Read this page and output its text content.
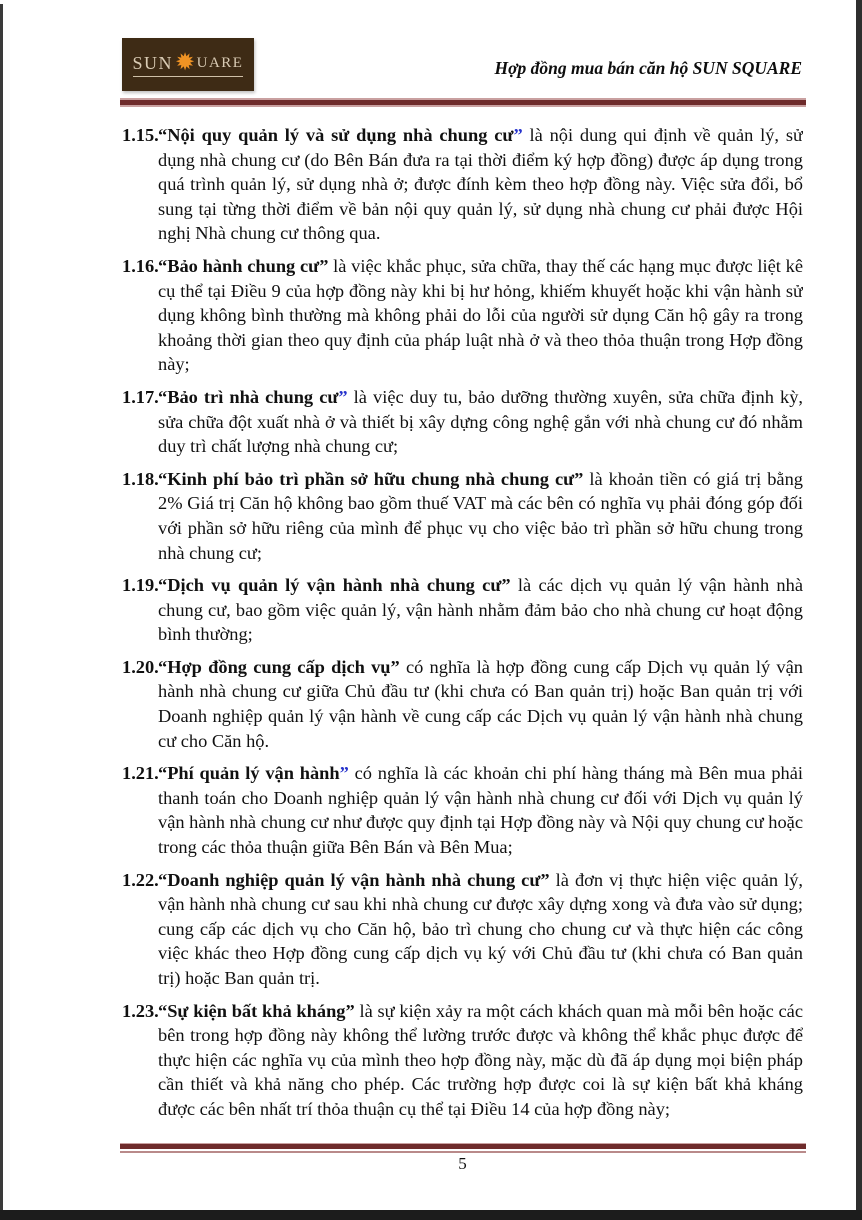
SUN ✹ UARE	Hợp đồng mua bán căn hộ SUN SQUARE
1.15. “Nội quy quản lý và sử dụng nhà chung cư” là nội dung qui định về quản lý, sử dụng nhà chung cư (do Bên Bán đưa ra tại thời điểm ký hợp đồng) được áp dụng trong quá trình quản lý, sử dụng nhà ở; được đính kèm theo hợp đồng này. Việc sửa đổi, bổ sung tại từng thời điểm về bản nội quy quản lý, sử dụng nhà chung cư phải được Hội nghị Nhà chung cư thông qua.
1.16. “Bảo hành chung cư” là việc khắc phục, sửa chữa, thay thế các hạng mục được liệt kê cụ thể tại Điều 9 của hợp đồng này khi bị hư hỏng, khiếm khuyết hoặc khi vận hành sử dụng không bình thường mà không phải do lỗi của người sử dụng Căn hộ gây ra trong khoảng thời gian theo quy định của pháp luật nhà ở và theo thỏa thuận trong Hợp đồng này;
1.17. “Bảo trì nhà chung cư” là việc duy tu, bảo dưỡng thường xuyên, sửa chữa định kỳ, sửa chữa đột xuất nhà ở và thiết bị xây dựng công nghệ gắn với nhà chung cư đó nhằm duy trì chất lượng nhà chung cư;
1.18. “Kinh phí bảo trì phần sở hữu chung nhà chung cư” là khoản tiền có giá trị bằng 2% Giá trị Căn hộ không bao gồm thuế VAT mà các bên có nghĩa vụ phải đóng góp đối với phần sở hữu riêng của mình để phục vụ cho việc bảo trì phần sở hữu chung trong nhà chung cư;
1.19. “Dịch vụ quản lý vận hành nhà chung cư” là các dịch vụ quản lý vận hành nhà chung cư, bao gồm việc quản lý, vận hành nhằm đảm bảo cho nhà chung cư hoạt động bình thường;
1.20. “Hợp đồng cung cấp dịch vụ” có nghĩa là hợp đồng cung cấp Dịch vụ quản lý vận hành nhà chung cư giữa Chủ đầu tư (khi chưa có Ban quản trị) hoặc Ban quản trị với Doanh nghiệp quản lý vận hành về cung cấp các Dịch vụ quản lý vận hành nhà chung cư cho Căn hộ.
1.21. “Phí quản lý vận hành” có nghĩa là các khoản chi phí hàng tháng mà Bên mua phải thanh toán cho Doanh nghiệp quản lý vận hành nhà chung cư đối với Dịch vụ quản lý vận hành nhà chung cư như được quy định tại Hợp đồng này và Nội quy chung cư hoặc trong các thỏa thuận giữa Bên Bán và Bên Mua;
1.22. “Doanh nghiệp quản lý vận hành nhà chung cư” là đơn vị thực hiện việc quản lý, vận hành nhà chung cư sau khi nhà chung cư được xây dựng xong và đưa vào sử dụng; cung cấp các dịch vụ cho Căn hộ, bảo trì chung cho chung cư và thực hiện các công việc khác theo Hợp đồng cung cấp dịch vụ ký với Chủ đầu tư (khi chưa có Ban quản trị) hoặc Ban quản trị.
1.23. “Sự kiện bất khả kháng” là sự kiện xảy ra một cách khách quan mà mỗi bên hoặc các bên trong hợp đồng này không thể lường trước được và không thể khắc phục được để thực hiện các nghĩa vụ của mình theo hợp đồng này, mặc dù đã áp dụng mọi biện pháp cần thiết và khả năng cho phép. Các trường hợp được coi là sự kiện bất khả kháng được các bên nhất trí thỏa thuận cụ thể tại Điều 14 của hợp đồng này;
5
